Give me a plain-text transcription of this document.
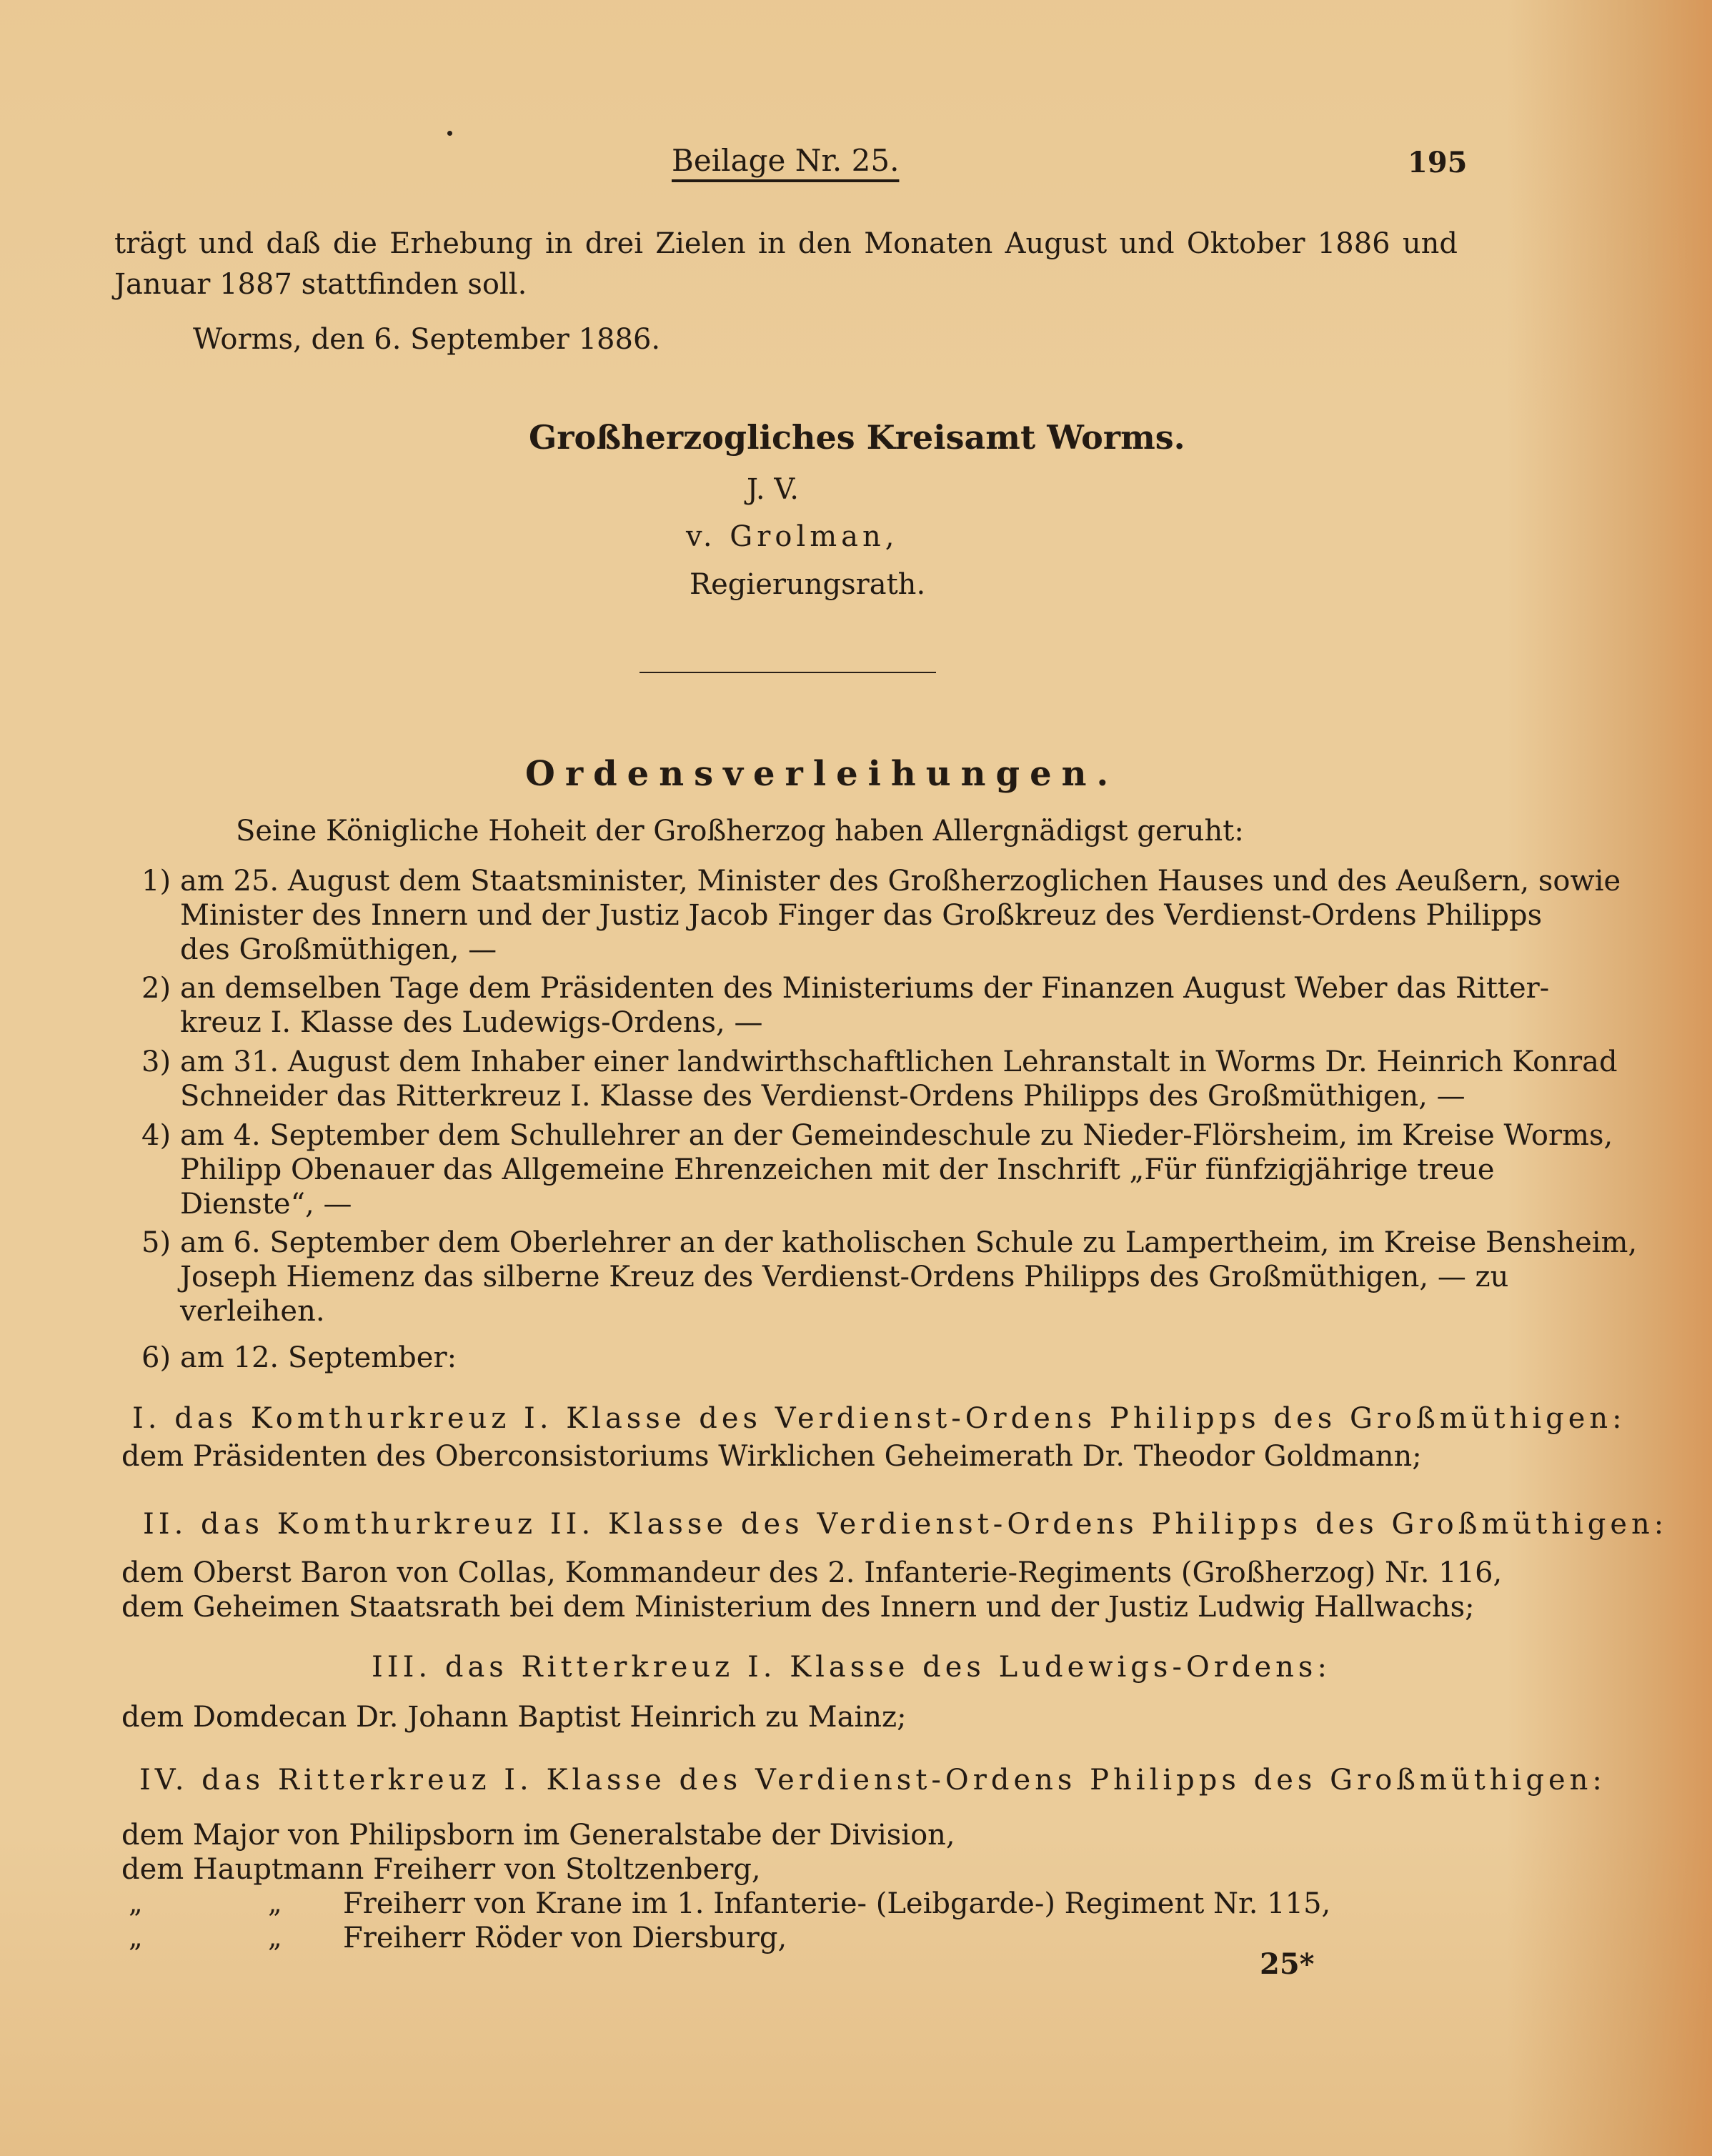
Beilage Nr. 25.	195
trägt und daß die Erhebung in drei Zielen in den Monaten August und Oktober 1886 und
Januar 1887 stattfinden soll.
Worms, den 6. September 1886.
Großherzogliches Kreisamt Worms.
J. V.
v. Grolman,
Regierungsrath.
Ordensverleihungen.
Seine Königliche Hoheit der Großherzog haben Allergnädigst geruht:
1) am 25. August dem Staatsminister, Minister des Großherzoglichen Hauses und des Aeußern, sowie
Minister des Innern und der Justiz Jacob Finger das Großkreuz des Verdienst-Ordens Philipps
des Großmüthigen, —
2) an demselben Tage dem Präsidenten des Ministeriums der Finanzen August Weber das Ritter-
kreuz I. Klasse des Ludewigs-Ordens, —
3) am 31. August dem Inhaber einer landwirthschaftlichen Lehranstalt in Worms Dr. Heinrich Konrad
Schneider das Ritterkreuz I. Klasse des Verdienst-Ordens Philipps des Großmüthigen, —
4) am 4. September dem Schullehrer an der Gemeindeschule zu Nieder-Flörsheim, im Kreise Worms,
Philipp Obenauer das Allgemeine Ehrenzeichen mit der Inschrift „Für fünfzigjährige treue
Dienste“, —
5) am 6. September dem Oberlehrer an der katholischen Schule zu Lampertheim, im Kreise Bensheim,
Joseph Hiemenz das silberne Kreuz des Verdienst-Ordens Philipps des Großmüthigen, — zu
verleihen.
6) am 12. September:
I. das Komthurkreuz I. Klasse des Verdienst-Ordens Philipps des Großmüthigen:
dem Präsidenten des Oberconsistoriums Wirklichen Geheimerath Dr. Theodor Goldmann;
II. das Komthurkreuz II. Klasse des Verdienst-Ordens Philipps des Großmüthigen:
dem Oberst Baron von Collas, Kommandeur des 2. Infanterie-Regiments (Großherzog) Nr. 116,
dem Geheimen Staatsrath bei dem Ministerium des Innern und der Justiz Ludwig Hallwachs;
III. das Ritterkreuz I. Klasse des Ludewigs-Ordens:
dem Domdecan Dr. Johann Baptist Heinrich zu Mainz;
IV. das Ritterkreuz I. Klasse des Verdienst-Ordens Philipps des Großmüthigen:
dem Major von Philipsborn im Generalstabe der Division,
dem Hauptmann Freiherr von Stoltzenberg,
„	„ Freiherr von Krane im 1. Infanterie- (Leibgarde-) Regiment Nr. 115,
„	„ Freiherr Röder von Diersburg,
25*
